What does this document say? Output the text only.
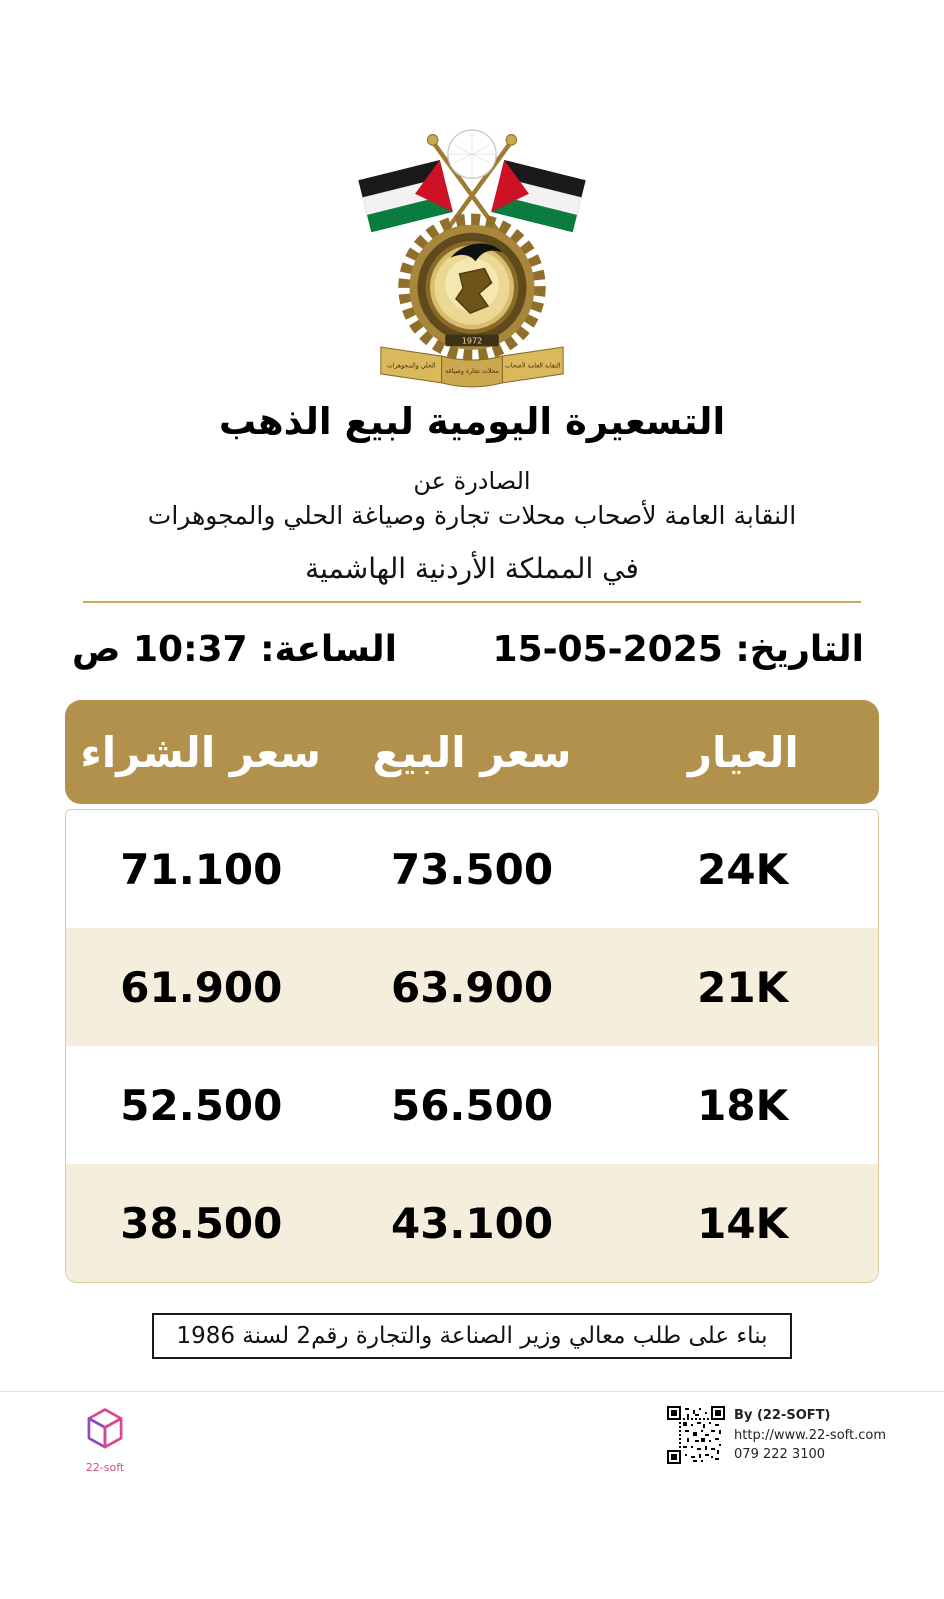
1972
النقابة العامة لأصحاب
محلات تجارة وصياغة
الحلي والمجوهرات
التسعيرة اليومية لبيع الذهب
الصادرة عن
النقابة العامة لأصحاب محلات تجارة وصياغة الحلي والمجوهرات
في المملكة الأردنية الهاشمية
التاريخ: 15-05-2025
الساعة: 10:37 ص
العيار
سعر البيع
سعر الشراء
24K
73.500
71.100
21K
63.900
61.900
18K
56.500
52.500
14K
43.100
38.500
بناء على طلب معالي وزير الصناعة والتجارة رقم2 لسنة 1986
22-soft
By (22-SOFT)
http://www.22-soft.com
079 222 3100
